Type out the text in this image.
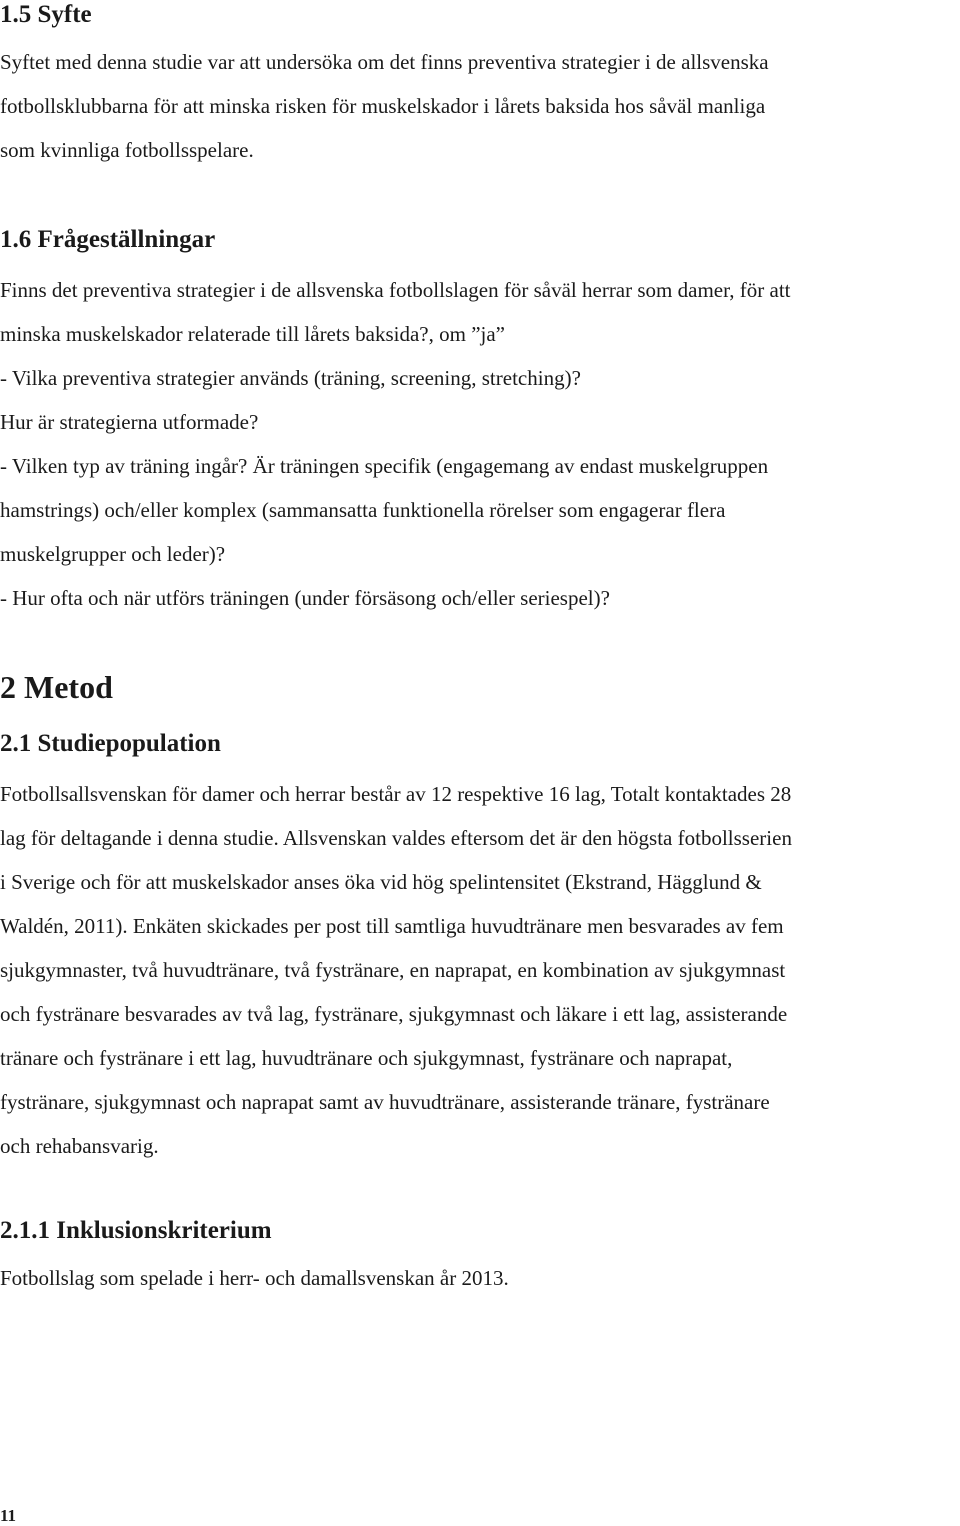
1.5 Syfte
Syftet med denna studie var att undersöka om det finns preventiva strategier i de allsvenska
fotbollsklubbarna för att minska risken för muskelskador i lårets baksida hos såväl manliga
som kvinnliga fotbollsspelare.
1.6 Frågeställningar
Finns det preventiva strategier i de allsvenska fotbollslagen för såväl herrar som damer, för att
minska muskelskador relaterade till lårets baksida?, om ”ja”
- Vilka preventiva strategier används (träning, screening, stretching)?
Hur är strategierna utformade?
- Vilken typ av träning ingår? Är träningen specifik (engagemang av endast muskelgruppen
hamstrings) och/eller komplex (sammansatta funktionella rörelser som engagerar flera
muskelgrupper och leder)?
- Hur ofta och när utförs träningen (under försäsong och/eller seriespel)?
2 Metod
2.1 Studiepopulation
Fotbollsallsvenskan för damer och herrar består av 12 respektive 16 lag, Totalt kontaktades 28
lag för deltagande i denna studie. Allsvenskan valdes eftersom det är den högsta fotbollsserien
i Sverige och för att muskelskador anses öka vid hög spelintensitet (Ekstrand, Hägglund &
Waldén, 2011). Enkäten skickades per post till samtliga huvudtränare men besvarades av fem
sjukgymnaster, två huvudtränare, två fystränare, en naprapat, en kombination av sjukgymnast
och fystränare besvarades av två lag, fystränare, sjukgymnast och läkare i ett lag, assisterande
tränare och fystränare i ett lag, huvudtränare och sjukgymnast, fystränare och naprapat,
fystränare, sjukgymnast och naprapat samt av huvudtränare, assisterande tränare, fystränare
och rehabansvarig.
2.1.1 Inklusionskriterium
Fotbollslag som spelade i herr- och damallsvenskan år 2013.
11
